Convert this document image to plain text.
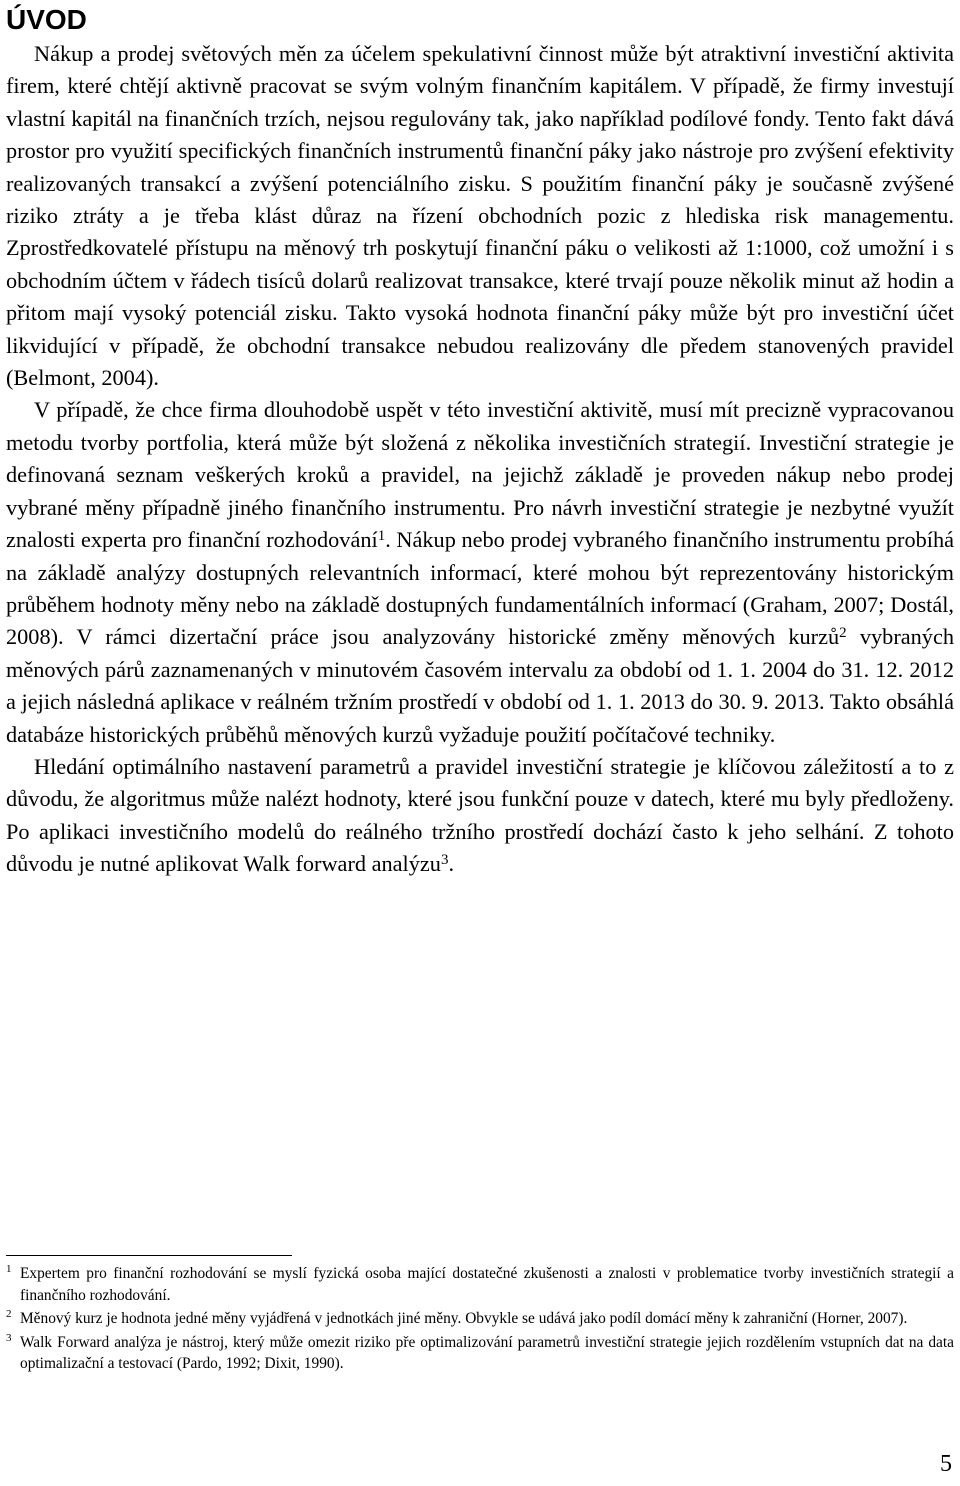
ÚVOD

Nákup a prodej světových měn za účelem spekulativní činnost může být atraktivní investiční aktivita firem, které chtějí aktivně pracovat se svým volným finančním kapitálem. V případě, že firmy investují vlastní kapitál na finančních trzích, nejsou regulovány tak, jako například podílové fondy. Tento fakt dává prostor pro využití specifických finančních instrumentů finanční páky jako nástroje pro zvýšení efektivity realizovaných transakcí a zvýšení potenciálního zisku. S použitím finanční páky je současně zvýšené riziko ztráty a je třeba klást důraz na řízení obchodních pozic z hlediska risk managementu. Zprostředkovatelé přístupu na měnový trh poskytují finanční páku o velikosti až 1:1000, což umožní i s obchodním účtem v řádech tisíců dolarů realizovat transakce, které trvají pouze několik minut až hodin a přitom mají vysoký potenciál zisku. Takto vysoká hodnota finanční páky může být pro investiční účet likvidující v případě, že obchodní transakce nebudou realizovány dle předem stanovených pravidel (Belmont, 2004).

V případě, že chce firma dlouhodobě uspět v této investiční aktivitě, musí mít precizně vypracovanou metodu tvorby portfolia, která může být složená z několika investičních strategií. Investiční strategie je definovaná seznam veškerých kroků a pravidel, na jejichž základě je proveden nákup nebo prodej vybrané měny případně jiného finančního instrumentu. Pro návrh investiční strategie je nezbytné využít znalosti experta pro finanční rozhodování$^1$. Nákup nebo prodej vybraného finančního instrumentu probíhá na základě analýzy dostupných relevantních informací, které mohou být reprezentovány historickým průběhem hodnoty měny nebo na základě dostupných fundamentálních informací (Graham, 2007; Dostál, 2008). V rámci dizertační práce jsou analyzovány historické změny měnových kurzů$^2$ vybraných měnových párů zaznamenaných v minutovém časovém intervalu za období od 1. 1. 2004 do 31. 12. 2012 a jejich následná aplikace v reálném tržním prostředí v období od 1. 1. 2013 do 30. 9. 2013. Takto obsáhlá databáze historických průběhů měnových kurzů vyžaduje použití počítačové techniky.

Hledání optimálního nastavení parametrů a pravidel investiční strategie je klíčovou záležitostí a to z důvodu, že algoritmus může nalézt hodnoty, které jsou funkční pouze v datech, které mu byly předloženy. Po aplikaci investičního modelů do reálného tržního prostředí dochází často k jeho selhání. Z tohoto důvodu je nutné aplikovat Walk forward analýzu$^3$.

$^1$ Expertem pro finanční rozhodování se myslí fyzická osoba mající dostatečné zkušenosti a znalosti v problematice tvorby investičních strategií a finančního rozhodování.

$^2$ Měnový kurz je hodnota jedné měny vyjádřená v jednotkách jiné měny. Obvykle se udává jako podíl domácí měny k zahraniční (Horner, 2007).

$^3$ Walk Forward analýza je nástroj, který může omezit riziko pře optimalizování parametrů investiční strategie jejich rozdělením vstupních dat na data optimalizační a testovací (Pardo, 1992; Dixit, 1990).

5
